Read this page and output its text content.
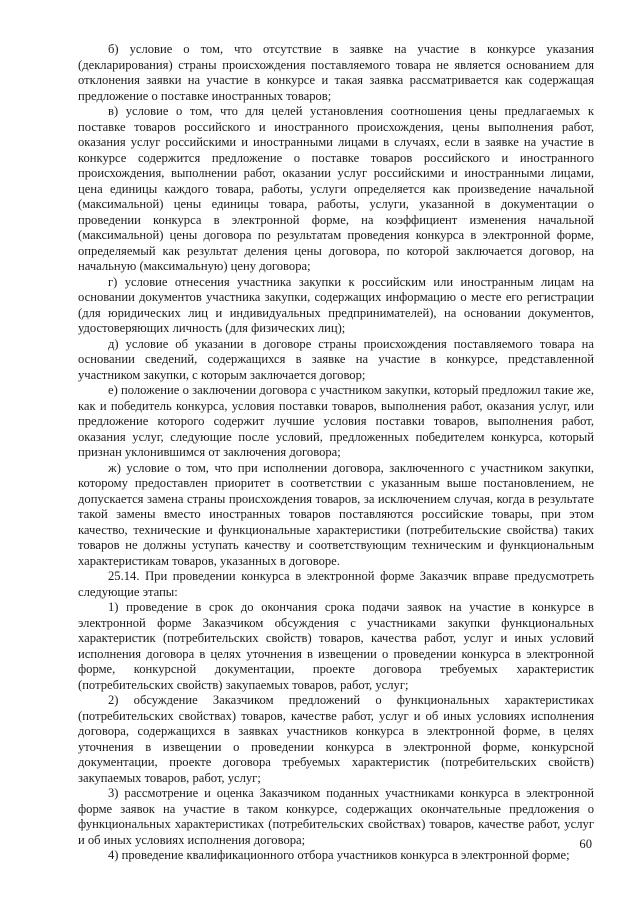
б) условие о том, что отсутствие в заявке на участие в конкурсе указания (декларирования) страны происхождения поставляемого товара не является основанием для отклонения заявки на участие в конкурсе и такая заявка рассматривается как содержащая предложение о поставке иностранных товаров;

в) условие о том, что для целей установления соотношения цены предлагаемых к поставке товаров российского и иностранного происхождения, цены выполнения работ, оказания услуг российскими и иностранными лицами в случаях, если в заявке на участие в конкурсе содержится предложение о поставке товаров российского и иностранного происхождения, выполнении работ, оказании услуг российскими и иностранными лицами, цена единицы каждого товара, работы, услуги определяется как произведение начальной (максимальной) цены единицы товара, работы, услуги, указанной в документации о проведении конкурса в электронной форме, на коэффициент изменения начальной (максимальной) цены договора по результатам проведения конкурса в электронной форме, определяемый как результат деления цены договора, по которой заключается договор, на начальную (максимальную) цену договора;

г) условие отнесения участника закупки к российским или иностранным лицам на основании документов участника закупки, содержащих информацию о месте его регистрации (для юридических лиц и индивидуальных предпринимателей), на основании документов, удостоверяющих личность (для физических лиц);

д) условие об указании в договоре страны происхождения поставляемого товара на основании сведений, содержащихся в заявке на участие в конкурсе, представленной участником закупки, с которым заключается договор;

е) положение о заключении договора с участником закупки, который предложил такие же, как и победитель конкурса, условия поставки товаров, выполнения работ, оказания услуг, или предложение которого содержит лучшие условия поставки товаров, выполнения работ, оказания услуг, следующие после условий, предложенных победителем конкурса, который признан уклонившимся от заключения договора;

ж) условие о том, что при исполнении договора, заключенного с участником закупки, которому предоставлен приоритет в соответствии с указанным выше постановлением, не допускается замена страны происхождения товаров, за исключением случая, когда в результате такой замены вместо иностранных товаров поставляются российские товары, при этом качество, технические и функциональные характеристики (потребительские свойства) таких товаров не должны уступать качеству и соответствующим техническим и функциональным характеристикам товаров, указанных в договоре.

25.14. При проведении конкурса в электронной форме Заказчик вправе предусмотреть следующие этапы:

1) проведение в срок до окончания срока подачи заявок на участие в конкурсе в электронной форме Заказчиком обсуждения с участниками закупки функциональных характеристик (потребительских свойств) товаров, качества работ, услуг и иных условий исполнения договора в целях уточнения в извещении о проведении конкурса в электронной форме, конкурсной документации, проекте договора требуемых характеристик (потребительских свойств) закупаемых товаров, работ, услуг;

2) обсуждение Заказчиком предложений о функциональных характеристиках (потребительских свойствах) товаров, качестве работ, услуг и об иных условиях исполнения договора, содержащихся в заявках участников конкурса в электронной форме, в целях уточнения в извещении о проведении конкурса в электронной форме, конкурсной документации, проекте договора требуемых характеристик (потребительских свойств) закупаемых товаров, работ, услуг;

3) рассмотрение и оценка Заказчиком поданных участниками конкурса в электронной форме заявок на участие в таком конкурсе, содержащих окончательные предложения о функциональных характеристиках (потребительских свойствах) товаров, качестве работ, услуг и об иных условиях исполнения договора;

4) проведение квалификационного отбора участников конкурса в электронной форме;

60
